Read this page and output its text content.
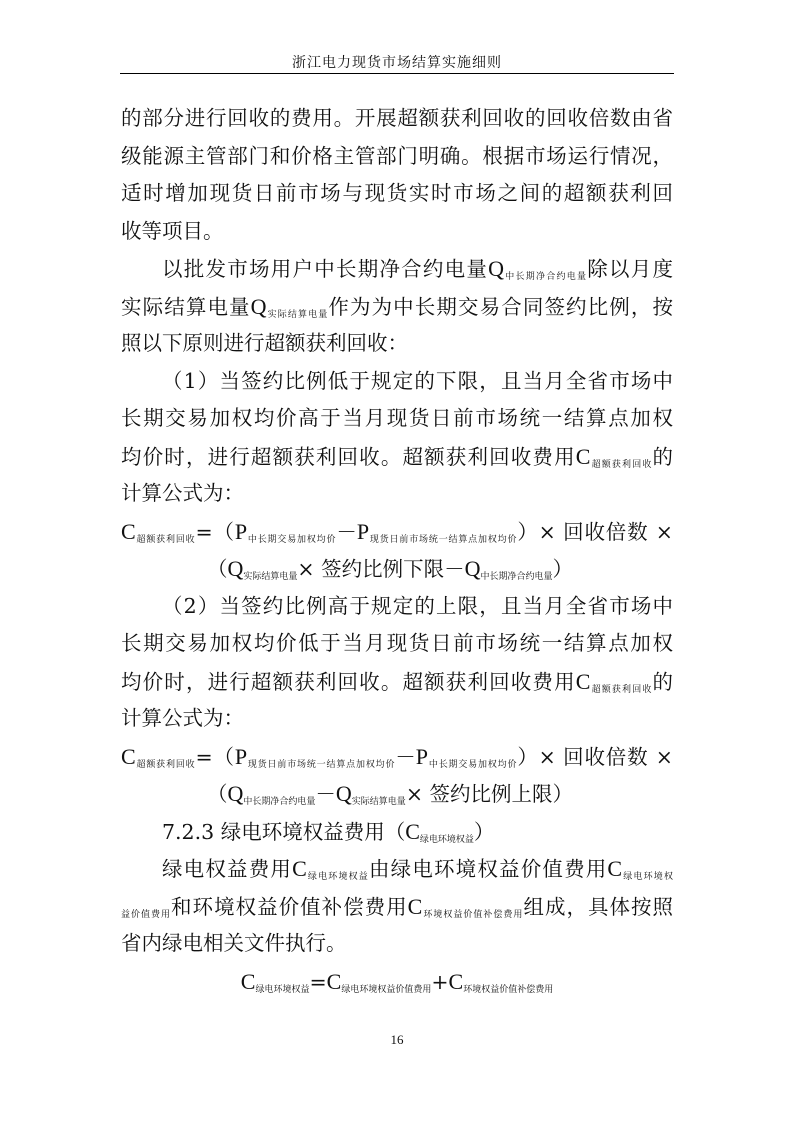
浙江电力现货市场结算实施细则
的部分进行回收的费用。开展超额获利回收的回收倍数由省
级能源主管部门和价格主管部门明确。根据市场运行情况，
适时增加现货日前市场与现货实时市场之间的超额获利回
收等项目。
以批发市场用户中长期净合约电量$Q_{中长期净合约电量}$除以月度
实际结算电量$Q_{实际结算电量}$作为为中长期交易合同签约比例，按
照以下原则进行超额获利回收：
（1）当签约比例低于规定的下限，且当月全省市场中
长期交易加权均价高于当月现货日前市场统一结算点加权
均价时，进行超额获利回收。超额获利回收费用$C_{超额获利回收}$的
计算公式为：
$C_{超额获利回收}=(P_{中长期交易加权均价}-P_{现货日前市场统一结算点加权均价})\times$ 回收倍数 ×
（$Q_{实际结算电量}\times$ 签约比例下限$-Q_{中长期净合约电量}$）
（2）当签约比例高于规定的上限，且当月全省市场中
长期交易加权均价低于当月现货日前市场统一结算点加权
均价时，进行超额获利回收。超额获利回收费用$C_{超额获利回收}$的
计算公式为：
$C_{超额获利回收}=(P_{现货日前市场统一结算点加权均价}-P_{中长期交易加权均价})\times$ 回收倍数 ×
（$Q_{中长期净合约电量}-Q_{实际结算电量}\times$ 签约比例上限）
7.2.3 绿电环境权益费用$(C_{绿电环境权益})$
绿电权益费用$C_{绿电环境权益}$由绿电环境权益价值费用$C_{绿电环境权}$
$_{益价值费用}$和环境权益价值补偿费用$C_{环境权益价值补偿费用}$组成，具体按照
省内绿电相关文件执行。
$C_{绿电环境权益}=C_{绿电环境权益价值费用}+C_{环境权益价值补偿费用}$
16
